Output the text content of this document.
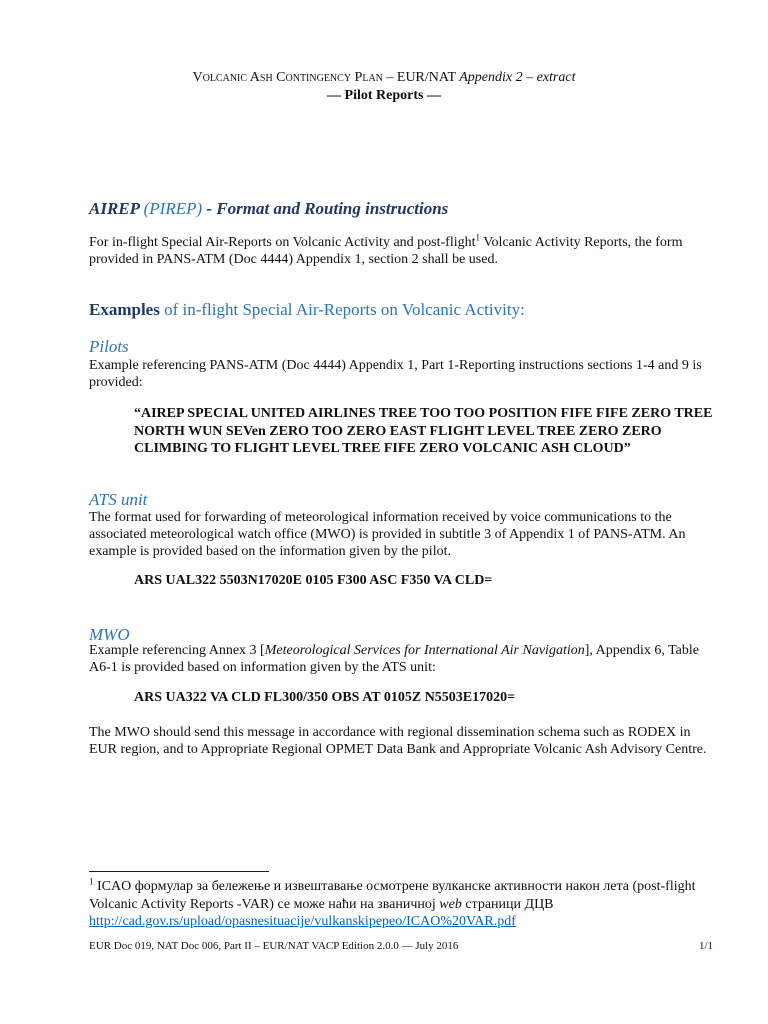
Volcanic Ash Contingency Plan – EUR/NAT Appendix 2 – extract
— Pilot Reports —
AIREP (PIREP) - Format and Routing instructions
For in-flight Special Air-Reports on Volcanic Activity and post-flight$^1$ Volcanic Activity Reports, the form provided in PANS-ATM (Doc 4444) Appendix 1, section 2 shall be used.
Examples of in-flight Special Air-Reports on Volcanic Activity:
Pilots
Example referencing PANS-ATM (Doc 4444) Appendix 1, Part 1-Reporting instructions sections 1-4 and 9 is provided:
“AIREP SPECIAL UNITED AIRLINES TREE TOO TOO POSITION FIFE FIFE ZERO TREE NORTH WUN SEVen ZERO TOO ZERO EAST FLIGHT LEVEL TREE ZERO ZERO CLIMBING TO FLIGHT LEVEL TREE FIFE ZERO VOLCANIC ASH CLOUD”
ATS unit
The format used for forwarding of meteorological information received by voice communications to the associated meteorological watch office (MWO) is provided in subtitle 3 of Appendix 1 of PANS-ATM. An example is provided based on the information given by the pilot.
ARS UAL322 5503N17020E 0105 F300 ASC F350 VA CLD=
MWO
Example referencing Annex 3 [Meteorological Services for International Air Navigation], Appendix 6, Table A6-1 is provided based on information given by the ATS unit:
ARS UA322 VA CLD FL300/350 OBS AT 0105Z N5503E17020=
The MWO should send this message in accordance with regional dissemination schema such as RODEX in EUR region, and to Appropriate Regional OPMET Data Bank and Appropriate Volcanic Ash Advisory Centre.
$^1$ ICAO формулар за бележење и извештавање осмотрене вулканске активности након лета (post-flight Volcanic Activity Reports -VAR) се може наћи на званичној web страници ДЦВ
http://cad.gov.rs/upload/opasnesituacije/vulkanskipepeo/ICAO%20VAR.pdf
EUR Doc 019, NAT Doc 006, Part II – EUR/NAT VACP Edition 2.0.0 — July 2016	1/1
